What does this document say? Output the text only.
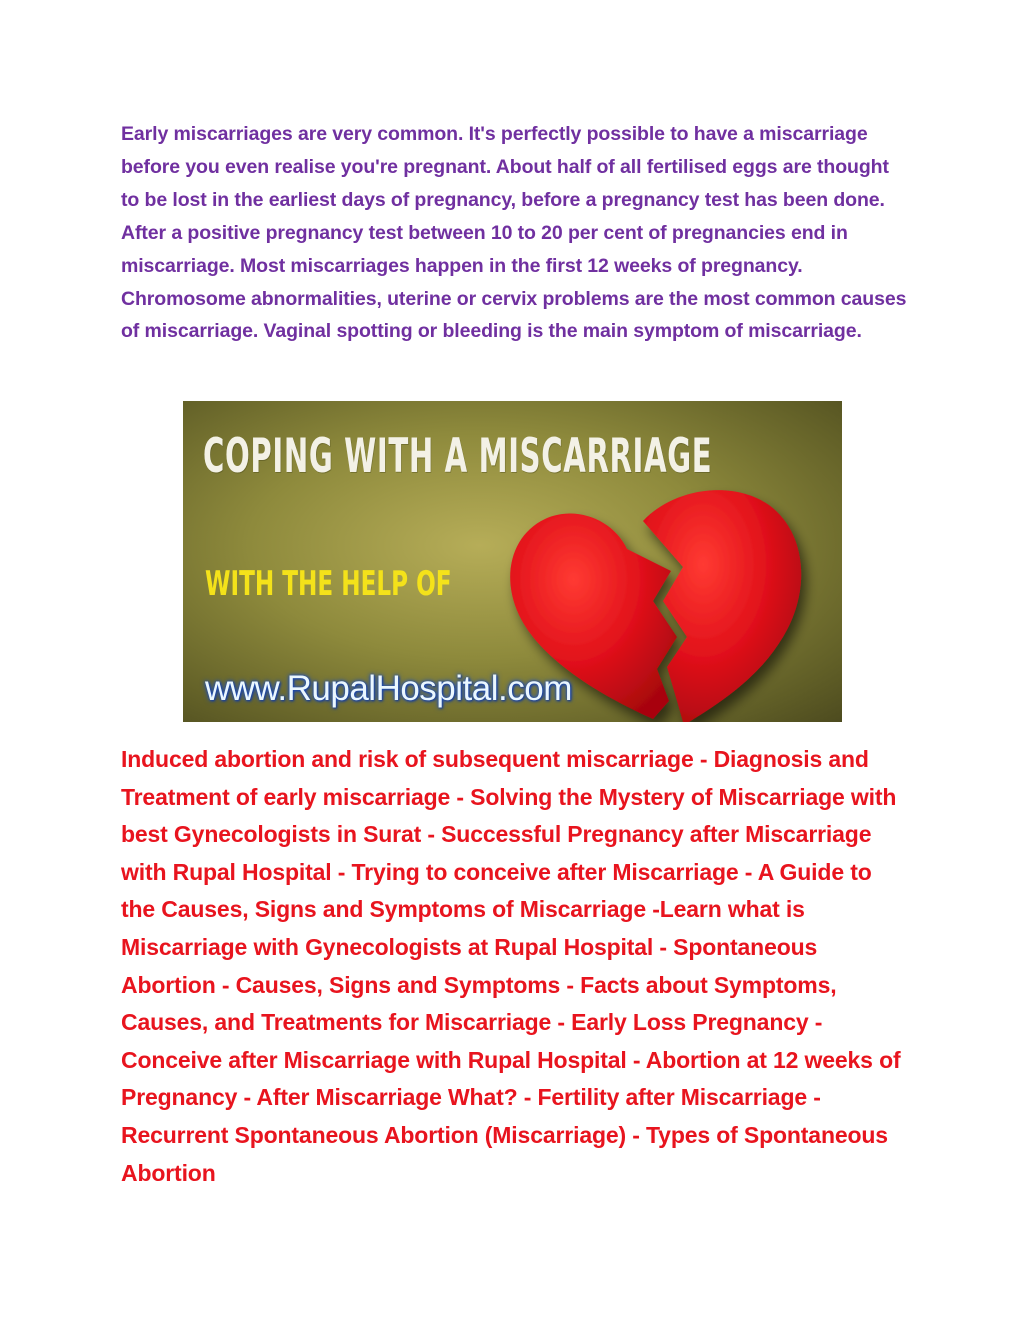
Early miscarriages are very common. It's perfectly possible to have a miscarriage before you even realise you're pregnant. About half of all fertilised eggs are thought to be lost in the earliest days of pregnancy, before a pregnancy test has been done. After a positive pregnancy test between 10 to 20 per cent of pregnancies end in miscarriage. Most miscarriages happen in the first 12 weeks of pregnancy. Chromosome abnormalities, uterine or cervix problems are the most common causes of miscarriage. Vaginal spotting or bleeding is the main symptom of miscarriage.

COPING WITH A MISCARRIAGE
WITH THE HELP OF
www.RupalHospital.com

Induced abortion and risk of subsequent miscarriage - Diagnosis and Treatment of early miscarriage - Solving the Mystery of Miscarriage with best Gynecologists in Surat - Successful Pregnancy after Miscarriage with Rupal Hospital - Trying to conceive after Miscarriage - A Guide to the Causes, Signs and Symptoms of Miscarriage -Learn what is Miscarriage with Gynecologists at Rupal Hospital - Spontaneous Abortion - Causes, Signs and Symptoms - Facts about Symptoms, Causes, and Treatments for Miscarriage - Early Loss Pregnancy - Conceive after Miscarriage with Rupal Hospital - Abortion at 12 weeks of Pregnancy - After Miscarriage What? - Fertility after Miscarriage - Recurrent Spontaneous Abortion (Miscarriage) - Types of Spontaneous Abortion
